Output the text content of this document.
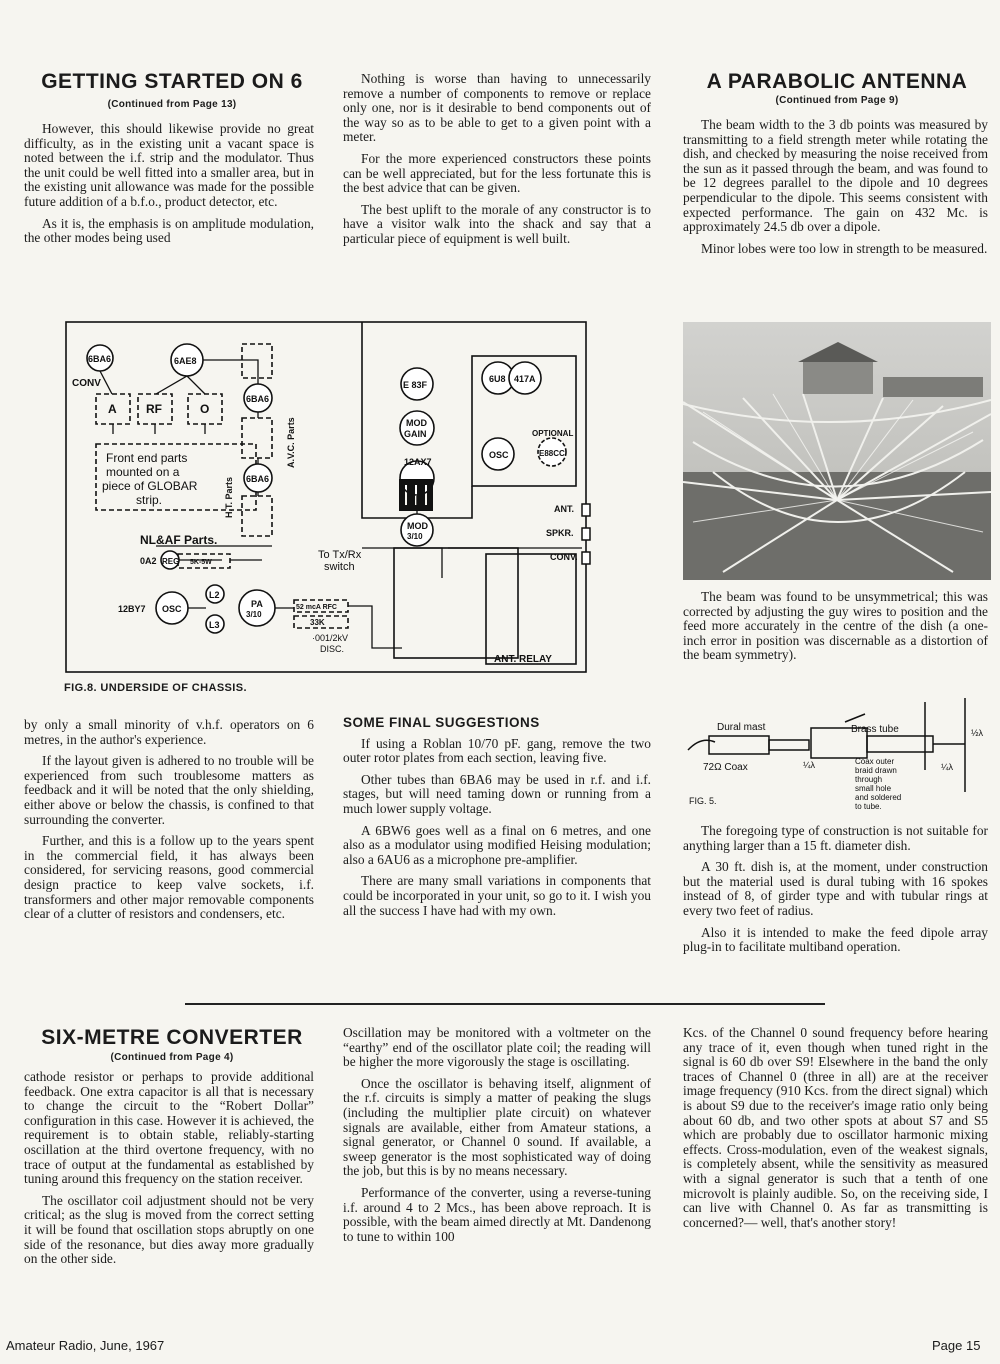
GETTING STARTED ON 6
(Continued from Page 13)

However, this should likewise provide no great difficulty, as in the existing unit a vacant space is noted between the i.f. strip and the modulator. Thus the unit could be well fitted into a smaller area, but in the existing unit allowance was made for the possible future addition of a b.f.o., product detector, etc.

As it is, the emphasis is on amplitude modulation, the other modes being used

Nothing is worse than having to unnecessarily remove a number of components to remove or replace only one, nor is it desirable to bend components out of the way so as to be able to get to a given point with a meter.

For the more experienced constructors these points can be well appreciated, but for the less fortunate this is the best advice that can be given.

The best uplift to the morale of any constructor is to have a visitor walk into the shack and say that a particular piece of equipment is well built.

6BA6	6AE8
CONV
A RF	O
6BA6
6BA6
A.V.C. Parts
H.T. Parts
Front end parts
mounted on a
piece of GLOBAR
strip.
NL&AF Parts.
0A2 REG 5K-5W
12BY7 OSC
L2
L3
PA
3/10
52 mcA RFC
33K
·001/2kV
DISC.
To Tx/Rx
switch
E 83F
MOD
GAIN
12AX7
MOD
3/10
6U8 417A
OSC
OPTIONAL
E88CC
ANT.
SPKR.
CONV.
ANT. RELAY
FIG.8. UNDERSIDE OF CHASSIS.

by only a small minority of v.h.f. operators on 6 metres, in the author's experience.

If the layout given is adhered to no trouble will be experienced from such troublesome matters as feedback and it will be noted that the only shielding, either above or below the chassis, is confined to that surrounding the converter.

Further, and this is a follow up to the years spent in the commercial field, it has always been considered, for servicing reasons, good commercial design practice to keep valve sockets, i.f. transformers and other major removable components clear of a clutter of resistors and condensers, etc.

SOME FINAL SUGGESTIONS

If using a Roblan 10/70 pF. gang, remove the two outer rotor plates from each section, leaving five.

Other tubes than 6BA6 may be used in r.f. and i.f. stages, but will need taming down or running from a much lower supply voltage.

A 6BW6 goes well as a final on 6 metres, and one also as a modulator using modified Heising modulation; also a 6AU6 as a microphone pre-amplifier.

There are many small variations in components that could be incorporated in your unit, so go to it. I wish you all the success I have had with my own.

A PARABOLIC ANTENNA
(Continued from Page 9)

The beam width to the 3 db points was measured by transmitting to a field strength meter while rotating the dish, and checked by measuring the noise received from the sun as it passed through the beam, and was found to be 12 degrees parallel to the dipole and 10 degrees perpendicular to the dipole. This seems consistent with expected performance. The gain on 432 Mc. is approximately 24.5 db over a dipole.

Minor lobes were too low in strength to be measured.

The beam was found to be unsymmetrical; this was corrected by adjusting the guy wires to position and the feed more accurately in the centre of the dish (a one-inch error in position was discernable as a distortion of the beam symmetry).

Dural mast	Brass tube
72Ω Coax	¼λ	¼λ
½λ
Coax outer
braid drawn
through
small hole
and soldered
to tube.
FIG. 5.

The foregoing type of construction is not suitable for anything larger than a 15 ft. diameter dish.

A 30 ft. dish is, at the moment, under construction but the material used is dural tubing with 16 spokes instead of 8, of girder type and with tubular rings at every two feet of radius.

Also it is intended to make the feed dipole array plug-in to facilitate multiband operation.

SIX-METRE CONVERTER
(Continued from Page 4)

cathode resistor or perhaps to provide additional feedback. One extra capacitor is all that is necessary to change the circuit to the “Robert Dollar” configuration in this case. However it is achieved, the requirement is to obtain stable, reliably-starting oscillation at the third overtone frequency, with no trace of output at the fundamental as established by tuning around this frequency on the station receiver.

The oscillator coil adjustment should not be very critical; as the slug is moved from the correct setting it will be found that oscillation stops abruptly on one side of the resonance, but dies away more gradually on the other side.

Oscillation may be monitored with a voltmeter on the “earthy” end of the oscillator plate coil; the reading will be higher the more vigorously the stage is oscillating.

Once the oscillator is behaving itself, alignment of the r.f. circuits is simply a matter of peaking the slugs (including the multiplier plate circuit) on whatever signals are available, either from Amateur stations, a signal generator, or Channel 0 sound. If available, a sweep generator is the most sophisticated way of doing the job, but this is by no means necessary.

Performance of the converter, using a reverse-tuning i.f. around 4 to 2 Mcs., has been above reproach. It is possible, with the beam aimed directly at Mt. Dandenong to tune to within 100

Kcs. of the Channel 0 sound frequency before hearing any trace of it, even though when tuned right in the signal is 60 db over S9! Elsewhere in the band the only traces of Channel 0 (three in all) are at the receiver image frequency (910 Kcs. from the direct signal) which is about S9 due to the receiver's image ratio only being about 60 db, and two other spots at about S7 and S5 which are probably due to oscillator harmonic mixing effects. Cross-modulation, even of the weakest signals, is completely absent, while the sensitivity as measured with a signal generator is such that a tenth of one microvolt is plainly audible. So, on the receiving side, I can live with Channel 0. As far as transmitting is concerned?— well, that's another story!

Amateur Radio, June, 1967	Page 15
